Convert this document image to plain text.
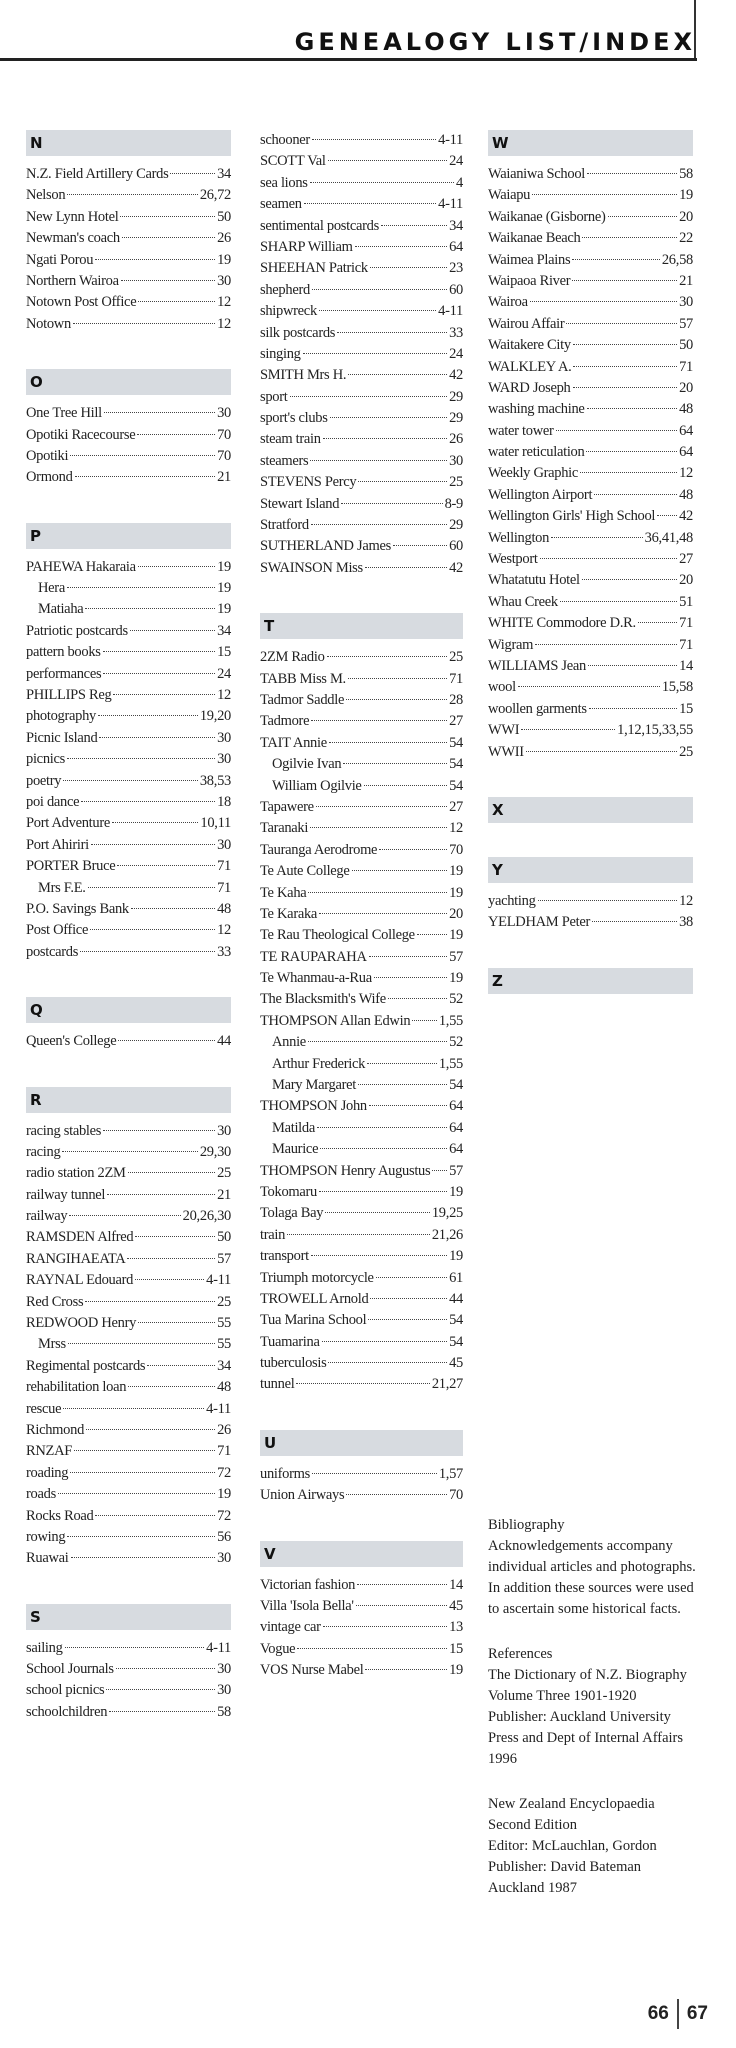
GENEALOGY LIST/INDEX
N
N.Z. Field Artillery Cards	34
Nelson	26,72
New Lynn Hotel	50
Newman's coach	26
Ngati Porou	19
Northern Wairoa	30
Notown Post Office	12
Notown	12
O
One Tree Hill	30
Opotiki Racecourse	70
Opotiki	70
Ormond	21
P
PAHEWA Hakaraia	19
Hera	19
Matiaha	19
Patriotic postcards	34
pattern books	15
performances	24
PHILLIPS Reg	12
photography	19,20
Picnic Island	30
picnics	30
poetry	38,53
poi dance	18
Port Adventure	10,11
Port Ahiriri	30
PORTER Bruce	71
Mrs F.E.	71
P.O. Savings Bank	48
Post Office	12
postcards	33
Q
Queen's College	44
R
racing stables	30
racing	29,30
radio station 2ZM	25
railway tunnel	21
railway	20,26,30
RAMSDEN Alfred	50
RANGIHAEATA	57
RAYNAL Edouard	4-11
Red Cross	25
REDWOOD Henry	55
Mrss	55
Regimental postcards	34
rehabilitation loan	48
rescue	4-11
Richmond	26
RNZAF	71
roading	72
roads	19
Rocks Road	72
rowing	56
Ruawai	30
S
sailing	4-11
School Journals	30
school picnics	30
schoolchildren	58
schooner	4-11
SCOTT Val	24
sea lions	4
seamen	4-11
sentimental postcards	34
SHARP William	64
SHEEHAN Patrick	23
shepherd	60
shipwreck	4-11
silk postcards	33
singing	24
SMITH Mrs H.	42
sport	29
sport's clubs	29
steam train	26
steamers	30
STEVENS Percy	25
Stewart Island	8-9
Stratford	29
SUTHERLAND James	60
SWAINSON Miss	42
T
2ZM Radio	25
TABB Miss M.	71
Tadmor Saddle	28
Tadmore	27
TAIT Annie	54
Ogilvie Ivan	54
William Ogilvie	54
Tapawere	27
Taranaki	12
Tauranga Aerodrome	70
Te Aute College	19
Te Kaha	19
Te Karaka	20
Te Rau Theological College 19
TE RAUPARAHA	57
Te Whanmau-a-Rua	19
The Blacksmith's Wife	52
THOMPSON Allan Edwin 1,55
Annie	52
Arthur Frederick	1,55
Mary Margaret	54
THOMPSON John	64
Matilda	64
Maurice	64
THOMPSON Henry Augustus 57
Tokomaru	19
Tolaga Bay	19,25
train	21,26
transport	19
Triumph motorcycle	61
TROWELL Arnold	44
Tua Marina School	54
Tuamarina	54
tuberculosis	45
tunnel	21,27
U
uniforms	1,57
Union Airways	70
V
Victorian fashion	14
Villa 'Isola Bella'	45
vintage car	13
Vogue	15
VOS Nurse Mabel	19
W
Waianiwa School	58
Waiapu	19
Waikanae (Gisborne)	20
Waikanae Beach	22
Waimea Plains	26,58
Waipaoa River	21
Wairoa	30
Wairou Affair	57
Waitakere City	50
WALKLEY A.	71
WARD Joseph	20
washing machine	48
water tower	64
water reticulation	64
Weekly Graphic	12
Wellington Airport	48
Wellington Girls' High School 42
Wellington	36,41,48
Westport	27
Whatatutu Hotel	20
Whau Creek	51
WHITE Commodore D.R.	71
Wigram	71
WILLIAMS Jean	14
wool	15,58
woollen garments	15
WWI	1,12,15,33,55
WWII	25
X
Y
yachting	12
YELDHAM Peter	38
Z

Bibliography
Acknowledgements accompany individual articles and photographs. In addition these sources were used to ascertain some historical facts.

References
The Dictionary of N.Z. Biography
Volume Three 1901-1920
Publisher: Auckland University Press and Dept of Internal Affairs
1996

New Zealand Encyclopaedia
Second Edition
Editor: McLauchlan, Gordon
Publisher: David Bateman
Auckland 1987

66 67
